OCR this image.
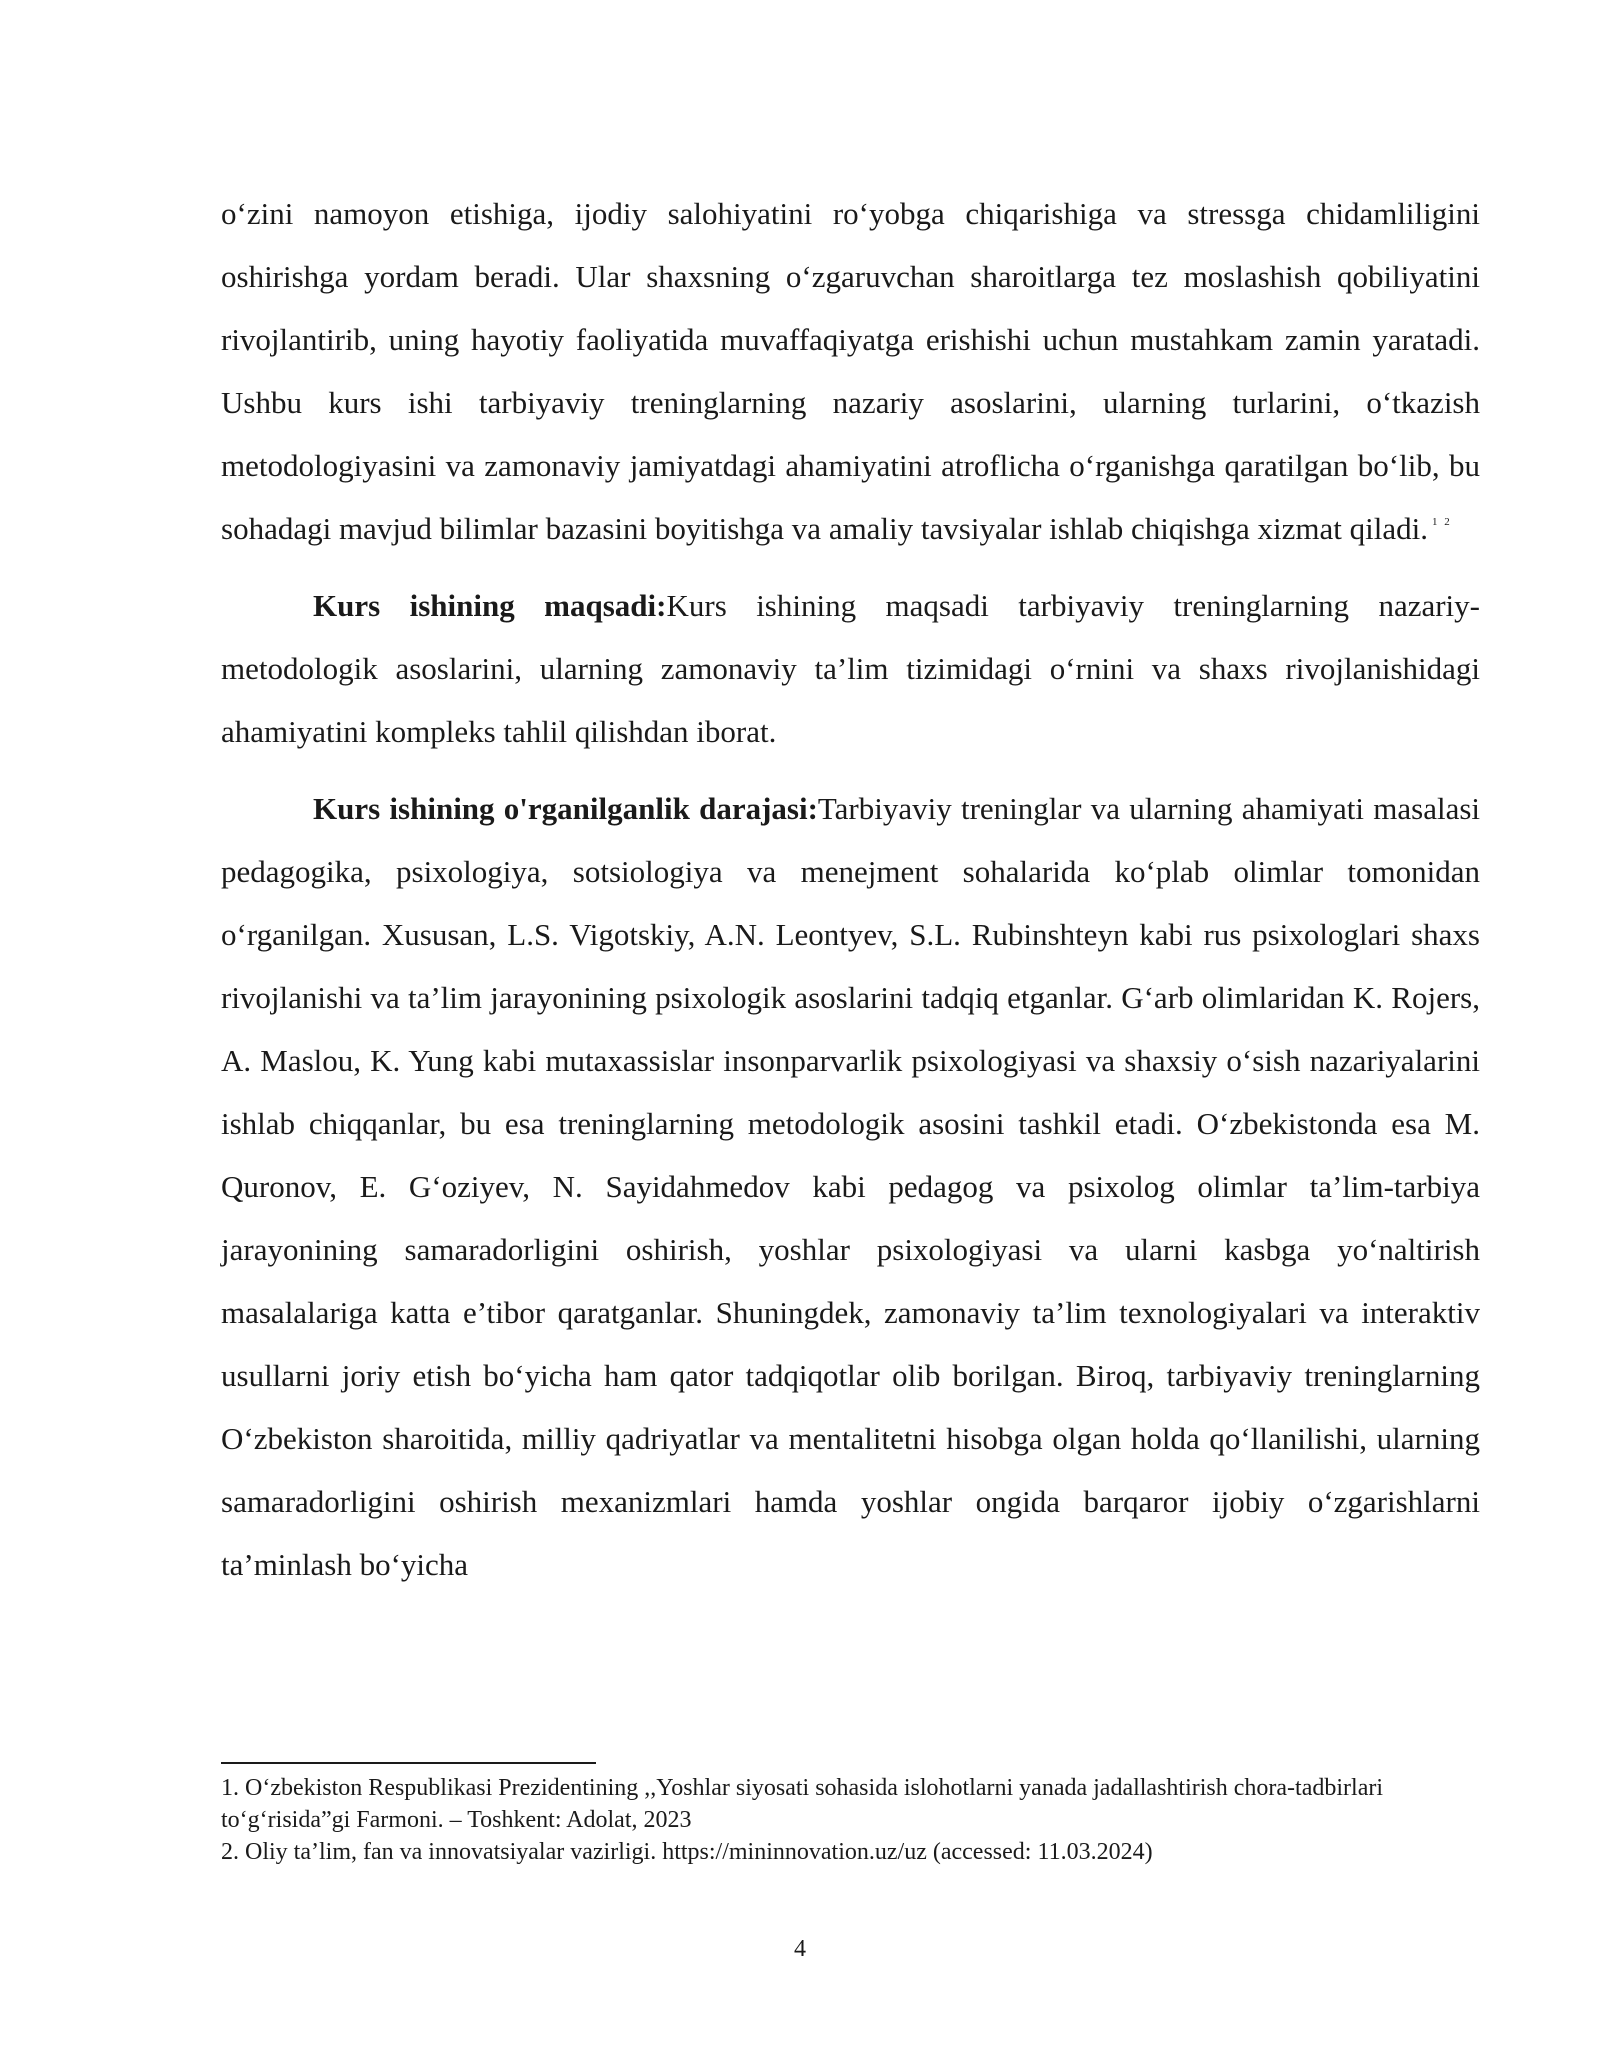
oʻzini namoyon etishiga, ijodiy salohiyatini roʻyobga chiqarishiga va stressga chidamliligini oshirishga yordam beradi. Ular shaxsning oʻzgaruvchan sharoitlarga tez moslashish qobiliyatini rivojlantirib, uning hayotiy faoliyatida muvaffaqiyatga erishishi uchun mustahkam zamin yaratadi. Ushbu kurs ishi tarbiyaviy treninglarning nazariy asoslarini, ularning turlarini, oʻtkazish metodologiyasini va zamonaviy jamiyatdagi ahamiyatini atroflicha oʻrganishga qaratilgan boʻlib, bu sohadagi mavjud bilimlar bazasini boyitishga va amaliy tavsiyalar ishlab chiqishga xizmat qiladi. $^{1 2}$

Kurs ishining maqsadi:Kurs ishining maqsadi tarbiyaviy treninglarning nazariy-metodologik asoslarini, ularning zamonaviy ta’lim tizimidagi oʻrnini va shaxs rivojlanishidagi ahamiyatini kompleks tahlil qilishdan iborat.

Kurs ishining o'rganilganlik darajasi:Tarbiyaviy treninglar va ularning ahamiyati masalasi pedagogika, psixologiya, sotsiologiya va menejment sohalarida koʻplab olimlar tomonidan oʻrganilgan. Xususan, L.S. Vigotskiy, A.N. Leontyev, S.L. Rubinshteyn kabi rus psixologlari shaxs rivojlanishi va ta’lim jarayonining psixologik asoslarini tadqiq etganlar. Gʻarb olimlaridan K. Rojers, A. Maslou, K. Yung kabi mutaxassislar insonparvarlik psixologiyasi va shaxsiy oʻsish nazariyalarini ishlab chiqqanlar, bu esa treninglarning metodologik asosini tashkil etadi. Oʻzbekistonda esa M. Quronov, E. Gʻoziyev, N. Sayidahmedov kabi pedagog va psixolog olimlar ta’lim-tarbiya jarayonining samaradorligini oshirish, yoshlar psixologiyasi va ularni kasbga yoʻnaltirish masalalariga katta e’tibor qaratganlar. Shuningdek, zamonaviy ta’lim texnologiyalari va interaktiv usullarni joriy etish boʻyicha ham qator tadqiqotlar olib borilgan. Biroq, tarbiyaviy treninglarning Oʻzbekiston sharoitida, milliy qadriyatlar va mentalitetni hisobga olgan holda qoʻllanilishi, ularning samaradorligini oshirish mexanizmlari hamda yoshlar ongida barqaror ijobiy oʻzgarishlarni ta’minlash boʻyicha

1. Oʻzbekiston Respublikasi Prezidentining ,,Yoshlar siyosati sohasida islohotlarni yanada jadallashtirish chora-tadbirlari toʻgʻrisida”gi Farmoni. – Toshkent: Adolat, 2023

2. Oliy ta’lim, fan va innovatsiyalar vazirligi. https://mininnovation.uz/uz (accessed: 11.03.2024)

4
